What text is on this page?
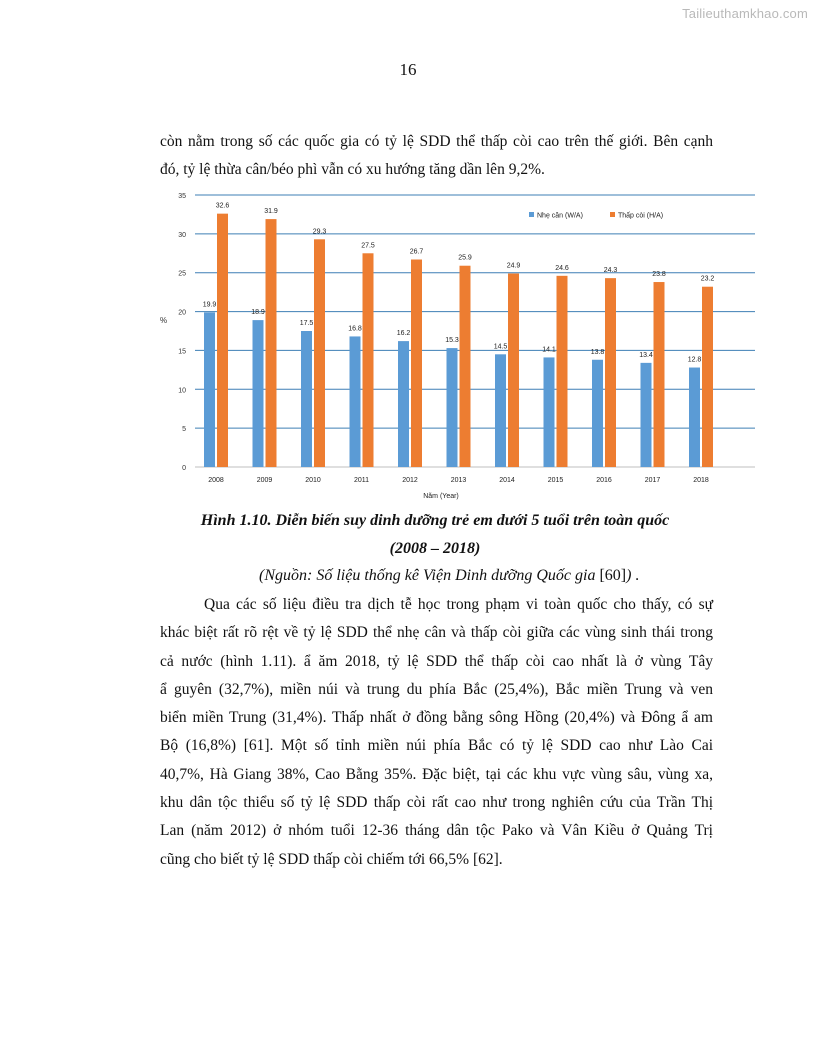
Tailieuthamkhao.com
16

còn nằm trong số các quốc gia có tỷ lệ SDD thể thấp còi cao trên thế giới. Bên cạnh
đó, tỷ lệ thừa cân/béo phì vẫn có xu hướng tăng dần lên 9,2%.

0
5
10
15
20
25
30
35
%
19.9
32.6
2008
18.9
31.9
2009
17.5
29.3
2010
16.8
27.5
2011
16.2
26.7
2012
15.3
25.9
2013
14.5
24.9
2014
14.1
24.6
2015
13.8
24.3
2016
13.4
23.8
2017
12.8
23.2
2018
Năm (Year)
Nhẹ cân (W/A)	Thấp còi (H/A)
Hình 1.10. Diễn biến suy dinh dưỡng trẻ em dưới 5 tuổi trên toàn quốc
(2008 – 2018)
(Nguồn: Số liệu thống kê Viện Dinh dưỡng Quốc gia [60]) .

Qua các số liệu điều tra dịch tễ học trong phạm vi toàn quốc cho thấy, có sự
khác biệt rất rõ rệt về tỷ lệ SDD thể nhẹ cân và thấp còi giữa các vùng sinh thái trong
cả nước (hình 1.11). ẩ ăm 2018, tỷ lệ SDD thể thấp còi cao nhất là ở vùng Tây
ẩ guyên (32,7%), miền núi và trung du phía Bắc (25,4%), Bắc miền Trung và ven
biển miền Trung (31,4%). Thấp nhất ở đồng bằng sông Hồng (20,4%) và Đông ẩ am
Bộ (16,8%) [61]. Một số tỉnh miền núi phía Bắc có tỷ lệ SDD cao như Lào Cai
40,7%, Hà Giang 38%, Cao Bằng 35%. Đặc biệt, tại các khu vực vùng sâu, vùng xa,
khu dân tộc thiểu số tỷ lệ SDD thấp còi rất cao như trong nghiên cứu của Trần Thị
Lan (năm 2012) ở nhóm tuổi 12-36 tháng dân tộc Pako và Vân Kiều ở Quảng Trị
cũng cho biết tỷ lệ SDD thấp còi chiếm tới 66,5% [62].
